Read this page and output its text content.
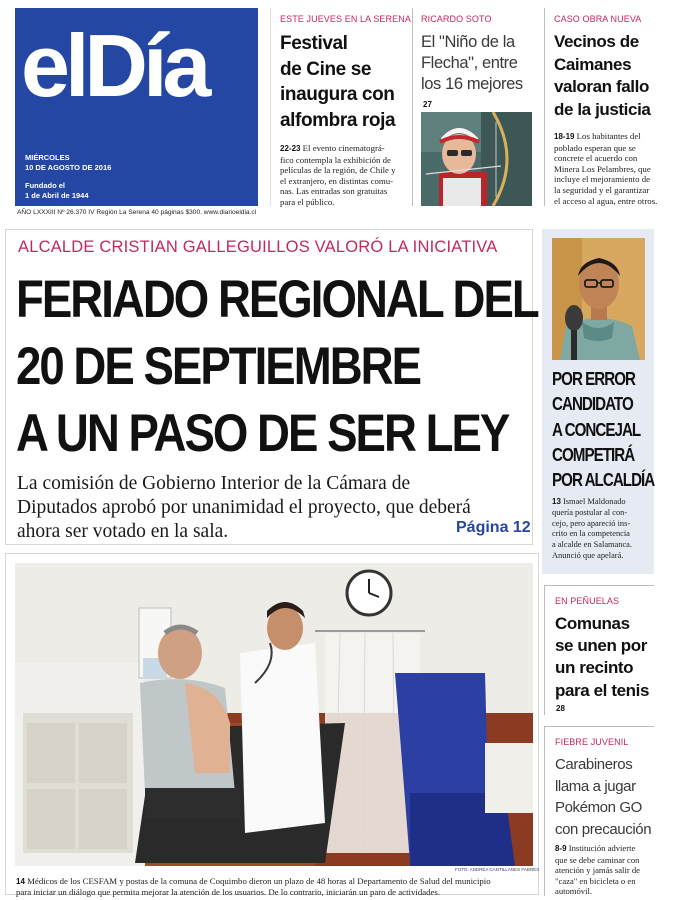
elDía
MIÉRCOLES
10 DE AGOSTO DE 2016
Fundado el
1 de Abril de 1944
AÑO LXXXIII Nº 26.370 IV Región La Serena 40 páginas $300. www.diarioeldia.cl
ESTE JUEVES EN LA SERENA
Festival
de Cine se
inaugura con
alfombra roja
22-23 El evento cinematográ-
fico contempla la exhibición de
películas de la región, de Chile y
el extranjero, en distintas comu-
nas. Las entradas son gratuitas
para el público.
RICARDO SOTO
El "Niño de la
Flecha", entre
los 16 mejores
27
CASO OBRA NUEVA
Vecinos de
Caimanes
valoran fallo
de la justicia
18-19 Los habitantes del
poblado esperan que se
concrete el acuerdo con
Minera Los Pelambres, que
incluye el mejoramiento de
la seguridad y el garantizar
el acceso al agua, entre otros.
ALCALDE CRISTIAN GALLEGUILLOS VALORÓ LA INICIATIVA
FERIADO REGIONAL DEL
20 DE SEPTIEMBRE
A UN PASO DE SER LEY
La comisión de Gobierno Interior de la Cámara de
Diputados aprobó por unanimidad el proyecto, que deberá
ahora ser votado en la sala.	Página 12
POR ERROR
CANDIDATO
A CONCEJAL
COMPETIRÁ
POR ALCALDÍA
13 Ismael Maldonado
quería postular al con-
cejo, pero apareció ins-
crito en la competencia
a alcalde en Salamanca.
Anunció que apelará.
EN PEÑUELAS
Comunas
se unen por
un recinto
para el tenis
28
FIEBRE JUVENIL
Carabineros
llama a jugar
Pokémon GO
con precaución
8-9 Institución advierte
que se debe caminar con
atención y jamás salir de
"caza" en bicicleta o en
automóvil.
FOTO: ANDREA CANTILLANES FABRES
14 Médicos de los CESFAM y postas de la comuna de Coquimbo dieron un plazo de 48 horas al Departamento de Salud del municipio
para iniciar un diálogo que permita mejorar la atención de los usuarios. De lo contrario, iniciarán un paro de actividades.
